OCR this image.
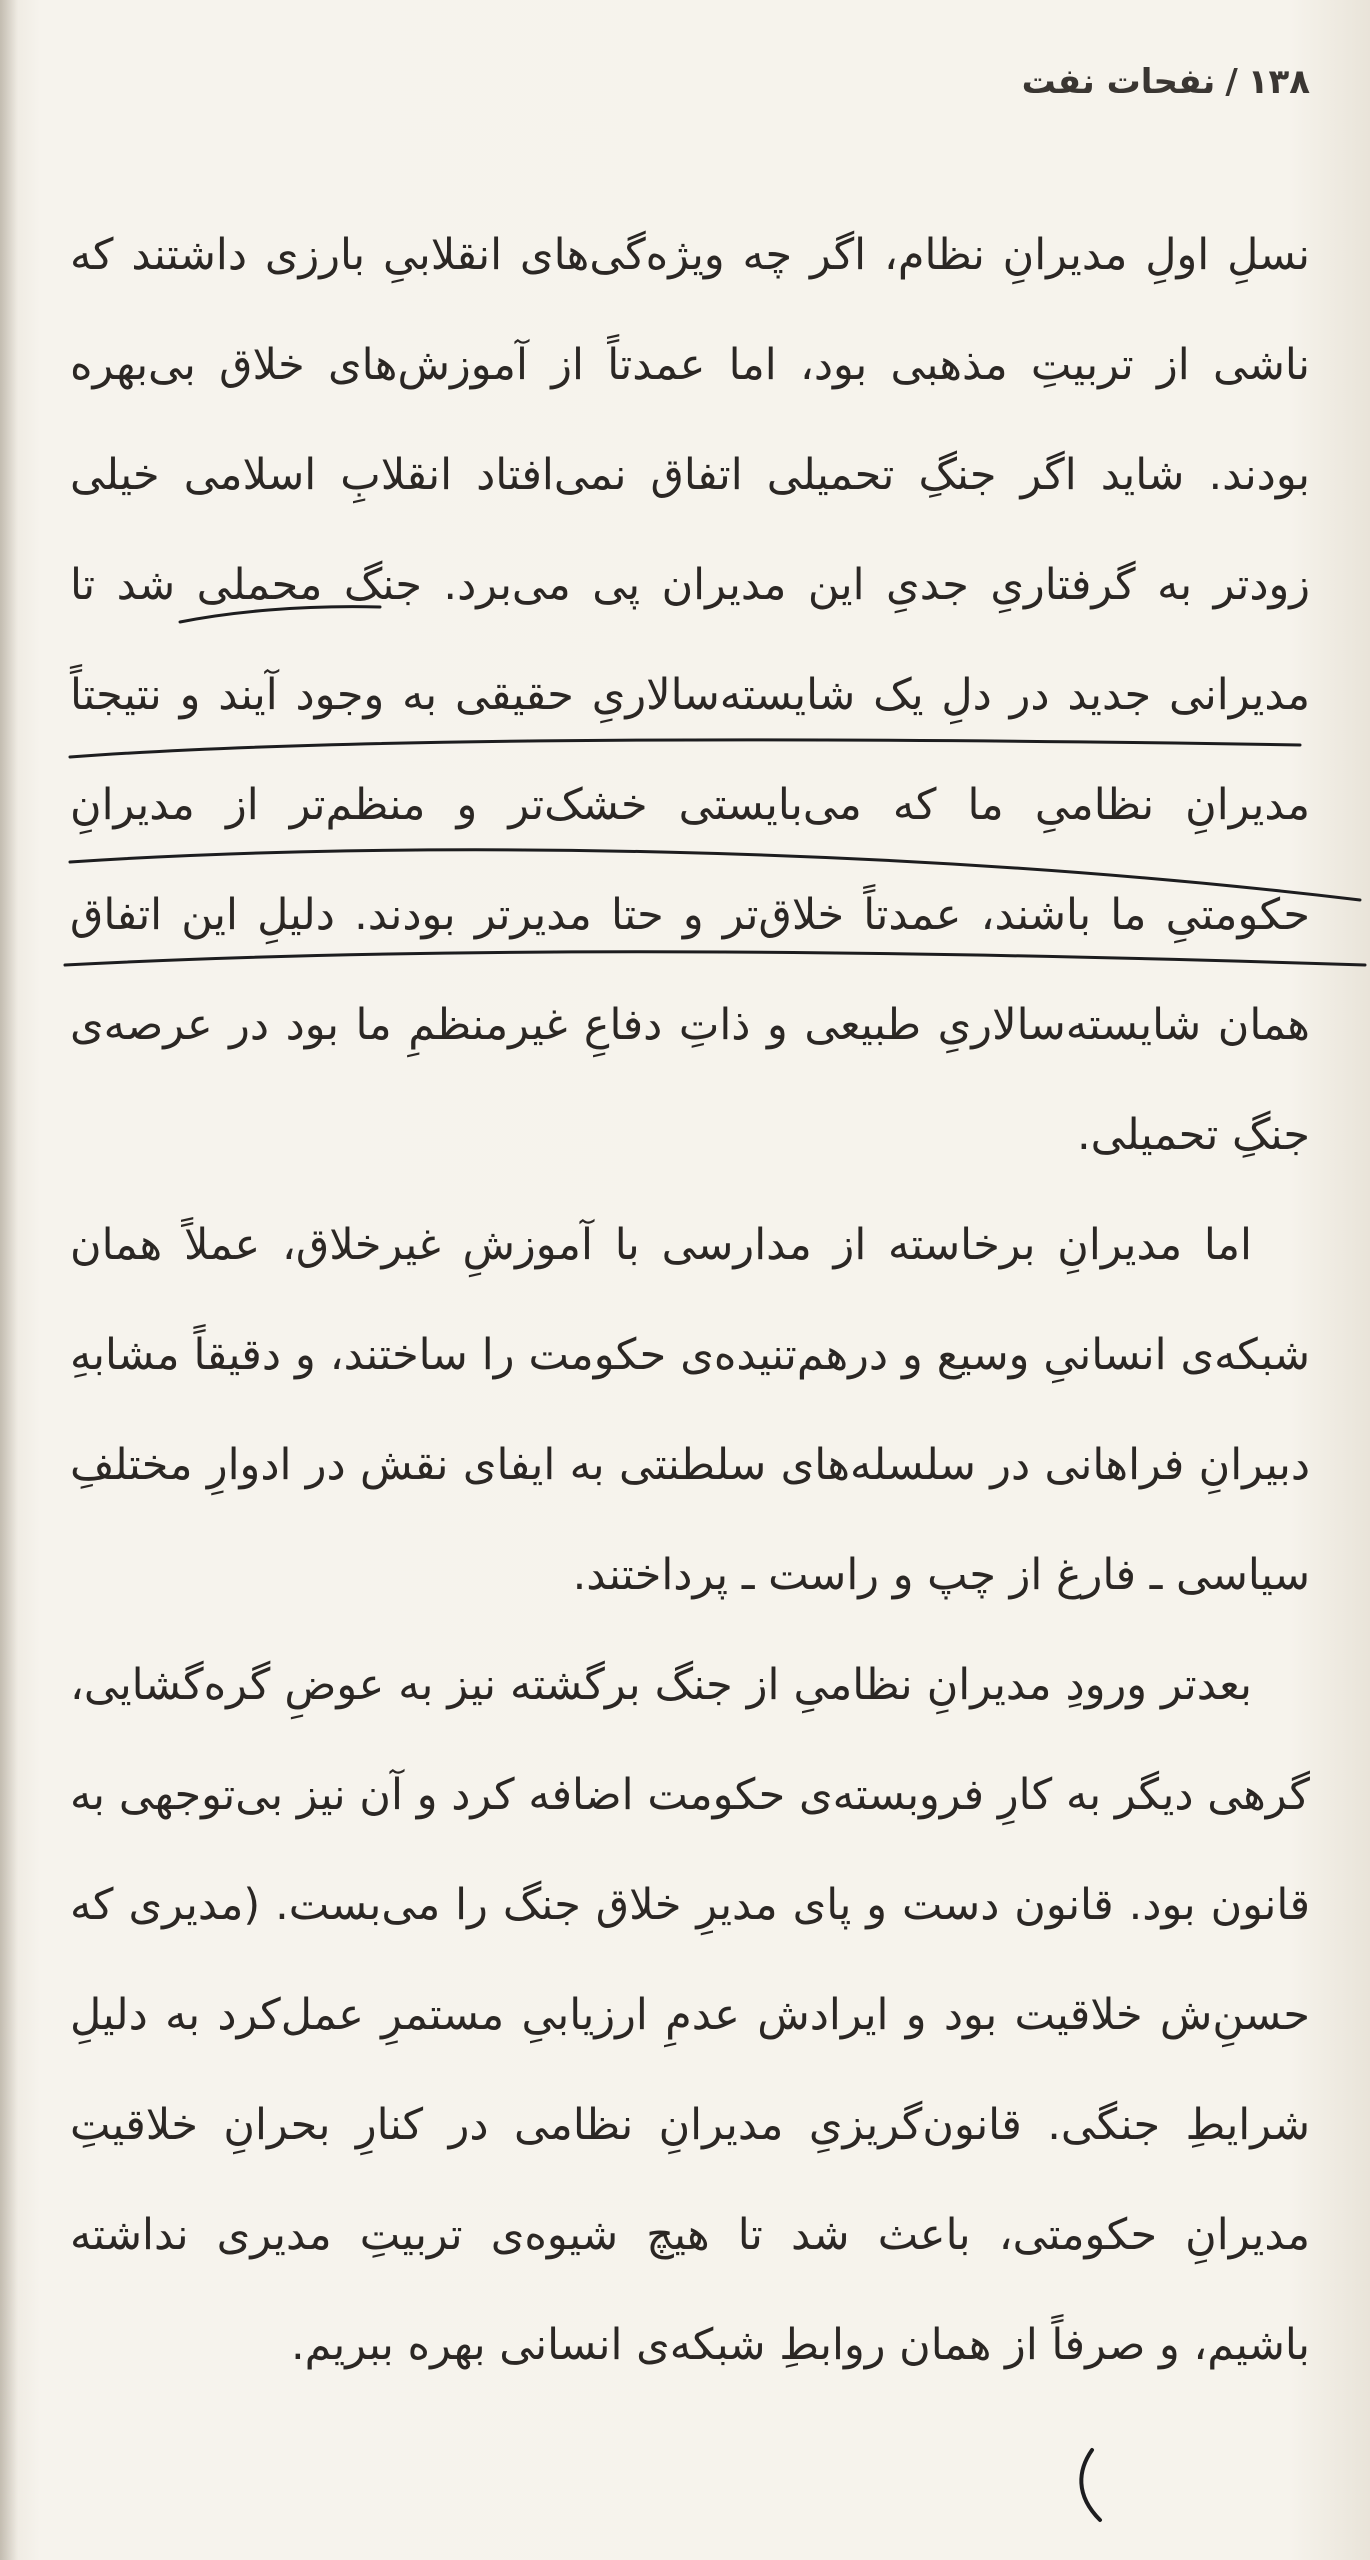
۱۳۸
/
نفحات نفت

نسلِ اولِ مدیرانِ نظام، اگر چه ویژه‌گی‌های انقلابیِ بارزی داشتند که ناشی از تربیتِ مذهبی بود، اما عمدتاً از آموزش‌های خلاق بی‌بهره بودند. شاید اگر جنگِ تحمیلی اتفاق نمی‌افتاد انقلابِ اسلامی خیلی زودتر به گرفتاریِ جدیِ این مدیران پی می‌برد. جنگ محملی شد تا مدیرانی جدید در دلِ یک شایسته‌سالاریِ حقیقی به وجود آیند و نتیجتاً مدیرانِ نظامیِ ما که می‌بایستی خشک‌تر و منظم‌تر از مدیرانِ حکومتیِ ما باشند، عمدتاً خلاق‌تر و حتا مدیرتر بودند. دلیلِ این اتفاق همان شایسته‌سالاریِ طبیعی و ذاتِ دفاعِ غیرمنظمِ ما بود در عرصه‌ی جنگِ تحمیلی.

اما مدیرانِ برخاسته از مدارسی با آموزشِ غیرخلاق، عملاً همان شبکه‌ی انسانیِ وسیع و درهم‌تنیده‌ی حکومت را ساختند، و دقیقاً مشابهِ دبیرانِ فراهانی در سلسله‌های سلطنتی به ایفای نقش در ادوارِ مختلفِ سیاسی ـ فارغ از چپ و راست ـ پرداختند.

بعدتر ورودِ مدیرانِ نظامیِ از جنگ برگشته نیز به عوضِ گره‌گشایی، گرهی دیگر به کارِ فروبسته‌ی حکومت اضافه کرد و آن نیز بی‌توجهی به قانون بود. قانون دست و پای مدیرِ خلاق جنگ را می‌بست. (مدیری که حسنِ‌ش خلاقیت بود و ایرادش عدمِ ارزیابیِ مستمرِ عمل‌کرد به دلیلِ شرایطِ جنگی. قانون‌گریزیِ مدیرانِ نظامی در کنارِ بحرانِ خلاقیتِ مدیرانِ حکومتی، باعث شد تا هیچ شیوه‌ی تربیتِ مدیری نداشته باشیم، و صرفاً از همان روابطِ شبکه‌ی انسانی بهره ببریم.
